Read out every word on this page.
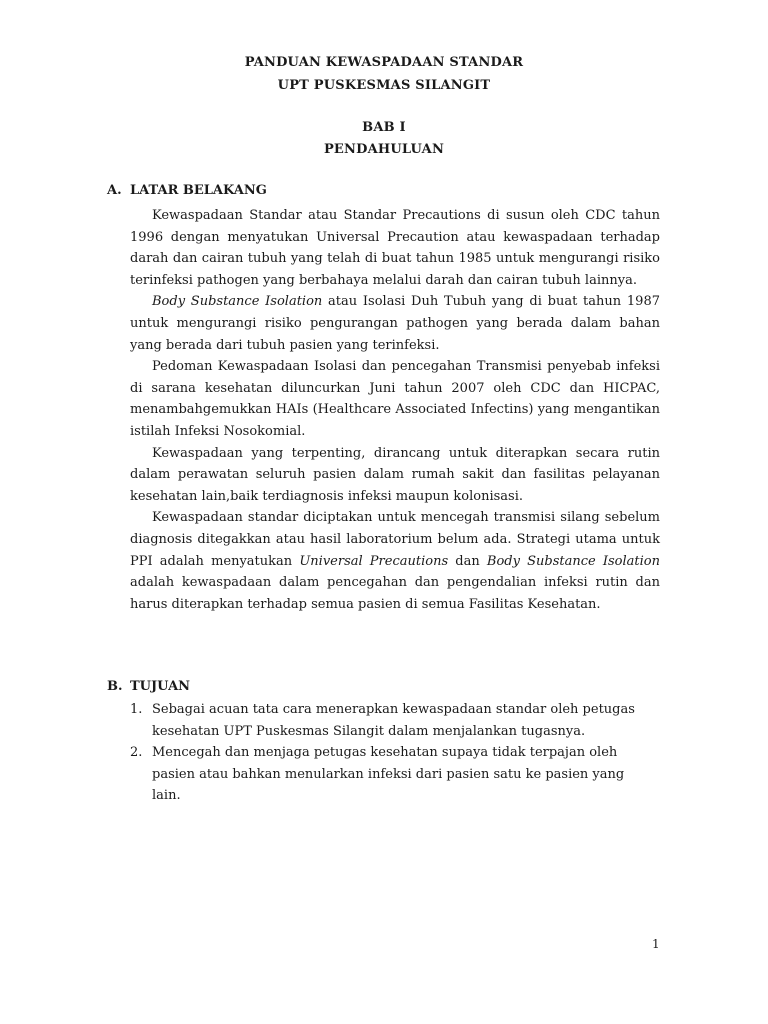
PANDUAN KEWASPADAAN STANDAR
UPT PUSKESMAS SILANGIT
BAB I
PENDAHULUAN
A. LATAR BELAKANG

Kewaspadaan Standar atau Standar Precautions di susun oleh CDC tahun 1996 dengan menyatukan Universal Precaution atau kewaspadaan terhadap darah dan cairan tubuh yang telah di buat tahun 1985 untuk mengurangi risiko terinfeksi pathogen yang berbahaya melalui darah dan cairan tubuh lainnya.

Body Substance Isolation atau Isolasi Duh Tubuh yang di buat tahun 1987 untuk mengurangi risiko pengurangan pathogen yang berada dalam bahan yang berada dari tubuh pasien yang terinfeksi.

Pedoman Kewaspadaan Isolasi dan pencegahan Transmisi penyebab infeksi di sarana kesehatan diluncurkan Juni tahun 2007 oleh CDC dan HICPAC, menambahgemukkan HAIs (Healthcare Associated Infectins) yang mengantikan istilah Infeksi Nosokomial.

Kewaspadaan yang terpenting, dirancang untuk diterapkan secara rutin dalam perawatan seluruh pasien dalam rumah sakit dan fasilitas pelayanan kesehatan lain,baik terdiagnosis infeksi maupun kolonisasi.

Kewaspadaan standar diciptakan untuk mencegah transmisi silang sebelum diagnosis ditegakkan atau hasil laboratorium belum ada. Strategi utama untuk PPI adalah menyatukan Universal Precautions dan Body Substance Isolation adalah kewaspadaan dalam pencegahan dan pengendalian infeksi rutin dan harus diterapkan terhadap semua pasien di semua Fasilitas Kesehatan.

B. TUJUAN
1. Sebagai acuan tata cara menerapkan kewaspadaan standar oleh petugas kesehatan UPT Puskesmas Silangit dalam menjalankan tugasnya.
2. Mencegah dan menjaga petugas kesehatan supaya tidak terpajan oleh pasien atau bahkan menularkan infeksi dari pasien satu ke pasien yang lain.
1
